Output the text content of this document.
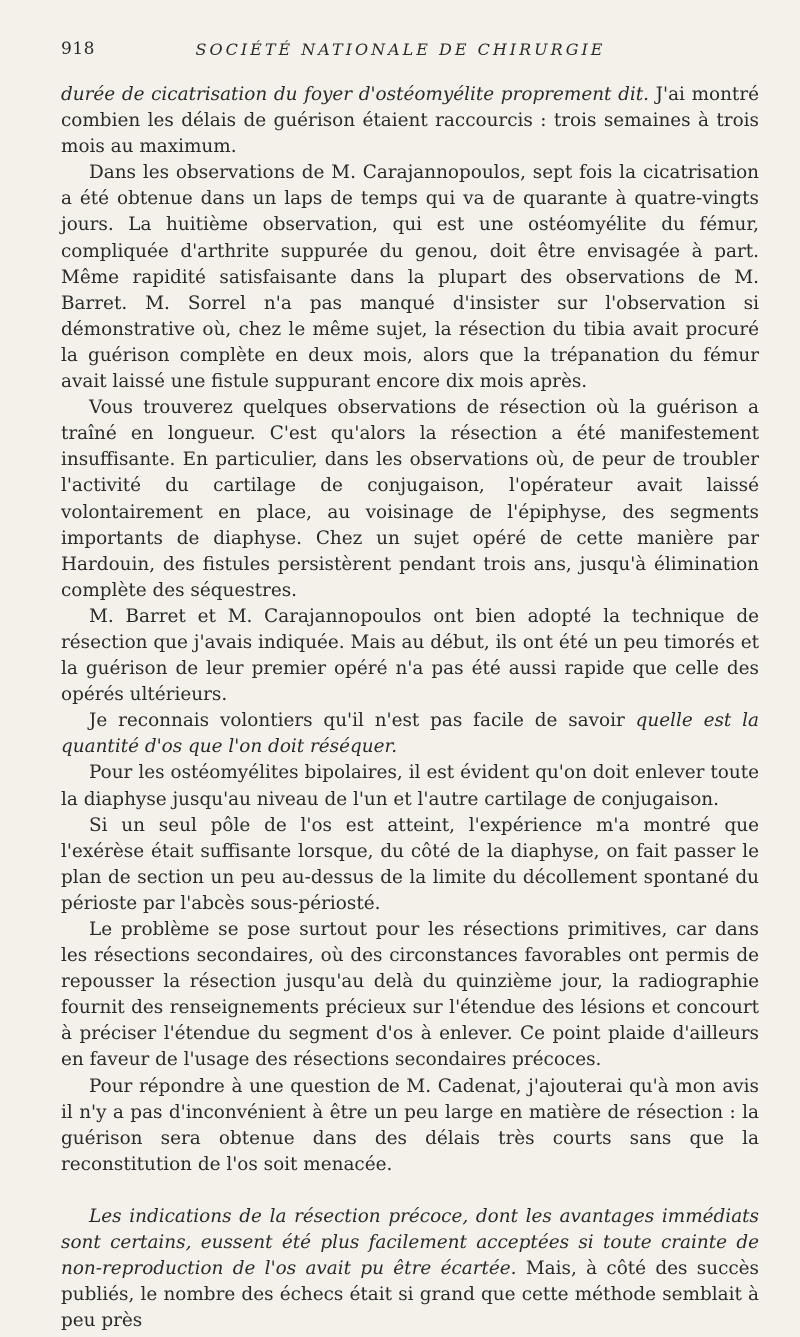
918	SOCIÉTÉ NATIONALE DE CHIRURGIE

durée de cicatrisation du foyer d'ostéomyélite proprement dit. J'ai montré combien les délais de guérison étaient raccourcis : trois semaines à trois mois au maximum.

Dans les observations de M. Carajannopoulos, sept fois la cicatrisation a été obtenue dans un laps de temps qui va de quarante à quatre-vingts jours. La huitième observation, qui est une ostéomyélite du fémur, compliquée d'arthrite suppurée du genou, doit être envisagée à part. Même rapidité satisfaisante dans la plupart des observations de M. Barret. M. Sorrel n'a pas manqué d'insister sur l'observation si démonstrative où, chez le même sujet, la résection du tibia avait procuré la guérison complète en deux mois, alors que la trépanation du fémur avait laissé une fistule suppurant encore dix mois après.

Vous trouverez quelques observations de résection où la guérison a traîné en longueur. C'est qu'alors la résection a été manifestement insuffisante. En particulier, dans les observations où, de peur de troubler l'activité du cartilage de conjugaison, l'opérateur avait laissé volontairement en place, au voisinage de l'épiphyse, des segments importants de diaphyse. Chez un sujet opéré de cette manière par Hardouin, des fistules persistèrent pendant trois ans, jusqu'à élimination complète des séquestres.

M. Barret et M. Carajannopoulos ont bien adopté la technique de résection que j'avais indiquée. Mais au début, ils ont été un peu timorés et la guérison de leur premier opéré n'a pas été aussi rapide que celle des opérés ultérieurs.

Je reconnais volontiers qu'il n'est pas facile de savoir quelle est la quantité d'os que l'on doit réséquer.

Pour les ostéomyélites bipolaires, il est évident qu'on doit enlever toute la diaphyse jusqu'au niveau de l'un et l'autre cartilage de conjugaison.

Si un seul pôle de l'os est atteint, l'expérience m'a montré que l'exérèse était suffisante lorsque, du côté de la diaphyse, on fait passer le plan de section un peu au-dessus de la limite du décollement spontané du périoste par l'abcès sous-périosté.

Le problème se pose surtout pour les résections primitives, car dans les résections secondaires, où des circonstances favorables ont permis de repousser la résection jusqu'au delà du quinzième jour, la radiographie fournit des renseignements précieux sur l'étendue des lésions et concourt à préciser l'étendue du segment d'os à enlever. Ce point plaide d'ailleurs en faveur de l'usage des résections secondaires précoces.

Pour répondre à une question de M. Cadenat, j'ajouterai qu'à mon avis il n'y a pas d'inconvénient à être un peu large en matière de résection : la guérison sera obtenue dans des délais très courts sans que la reconstitution de l'os soit menacée.

Les indications de la résection précoce, dont les avantages immédiats sont certains, eussent été plus facilement acceptées si toute crainte de non-reproduction de l'os avait pu être écartée. Mais, à côté des succès publiés, le nombre des échecs était si grand que cette méthode semblait à peu près
